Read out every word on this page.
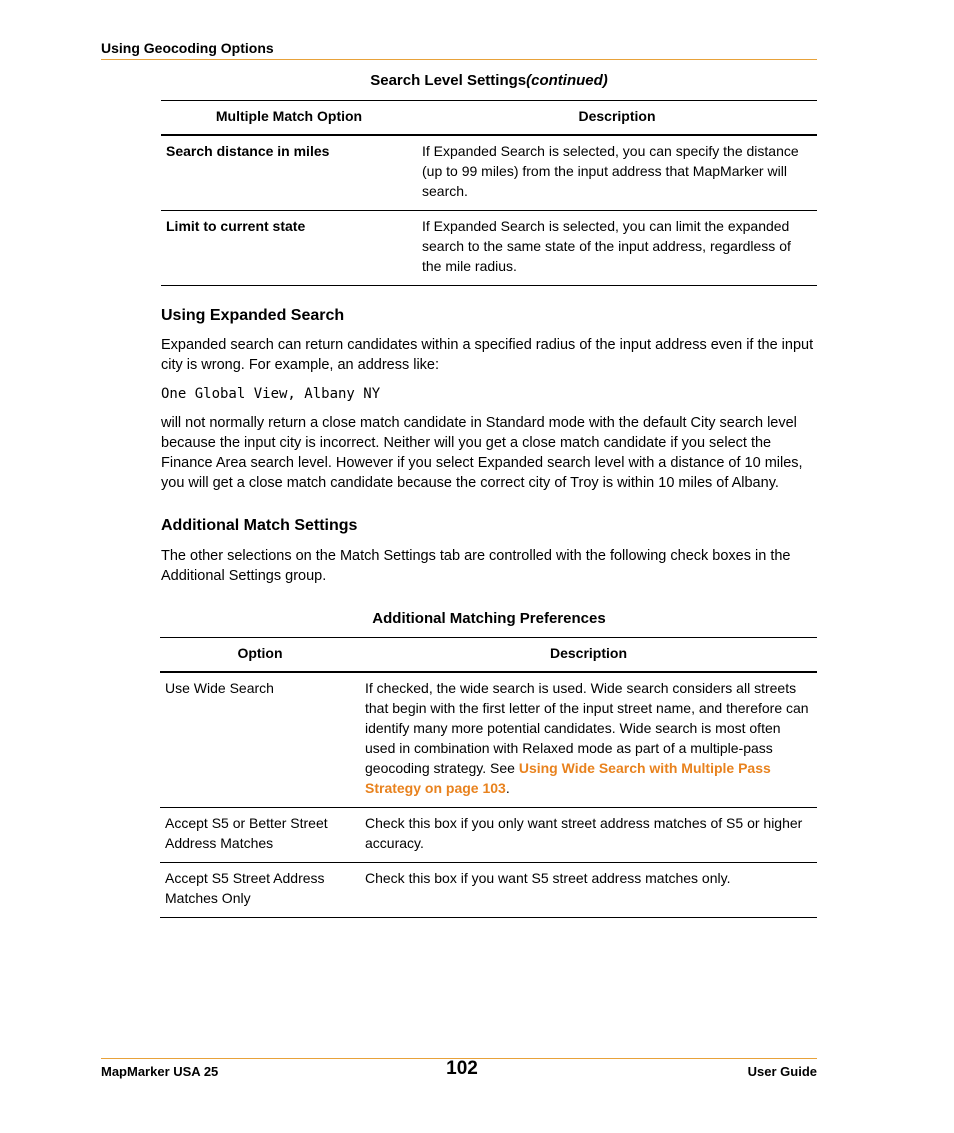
Using Geocoding Options
Search Level Settings(continued)
Multiple Match Option	Description
Search distance in miles	If Expanded Search is selected, you can specify the distance (up to 99 miles) from the input address that MapMarker will search.
Limit to current state	If Expanded Search is selected, you can limit the expanded search to the same state of the input address, regardless of the mile radius.
Using Expanded Search
Expanded search can return candidates within a specified radius of the input address even if the input city is wrong. For example, an address like:
One Global View, Albany NY
will not normally return a close match candidate in Standard mode with the default City search level because the input city is incorrect. Neither will you get a close match candidate if you select the Finance Area search level. However if you select Expanded search level with a distance of 10 miles, you will get a close match candidate because the correct city of Troy is within 10 miles of Albany.
Additional Match Settings
The other selections on the Match Settings tab are controlled with the following check boxes in the Additional Settings group.
Additional Matching Preferences
Option	Description
Use Wide Search	If checked, the wide search is used. Wide search considers all streets that begin with the first letter of the input street name, and therefore can identify many more potential candidates. Wide search is most often used in combination with Relaxed mode as part of a multiple-pass geocoding strategy. See Using Wide Search with Multiple Pass Strategy on page 103.
Accept S5 or Better Street Address Matches	Check this box if you only want street address matches of S5 or higher accuracy.
Accept S5 Street Address Matches Only	Check this box if you want S5 street address matches only.
MapMarker USA 25	102	User Guide
